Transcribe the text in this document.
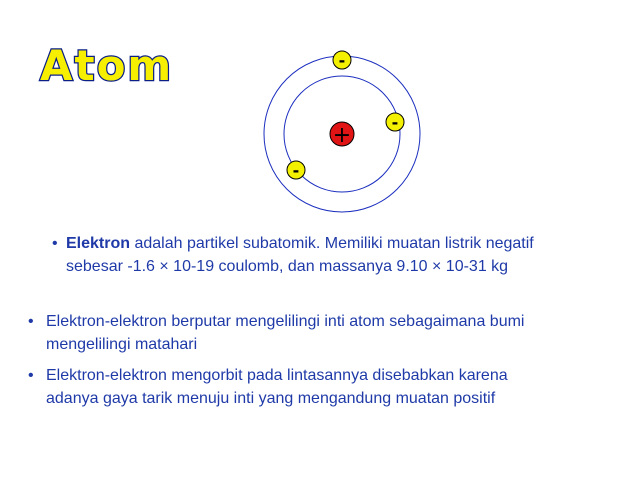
Atom
+
-
-
-
• Elektron adalah partikel subatomik. Memiliki muatan listrik negatif
sebesar -1.6 × 10-19 coulomb, dan massanya 9.10 × 10-31 kg
• Elektron-elektron berputar mengelilingi inti atom sebagaimana bumi
mengelilingi matahari
• Elektron-elektron mengorbit pada lintasannya disebabkan karena
adanya gaya tarik menuju inti yang mengandung muatan positif
